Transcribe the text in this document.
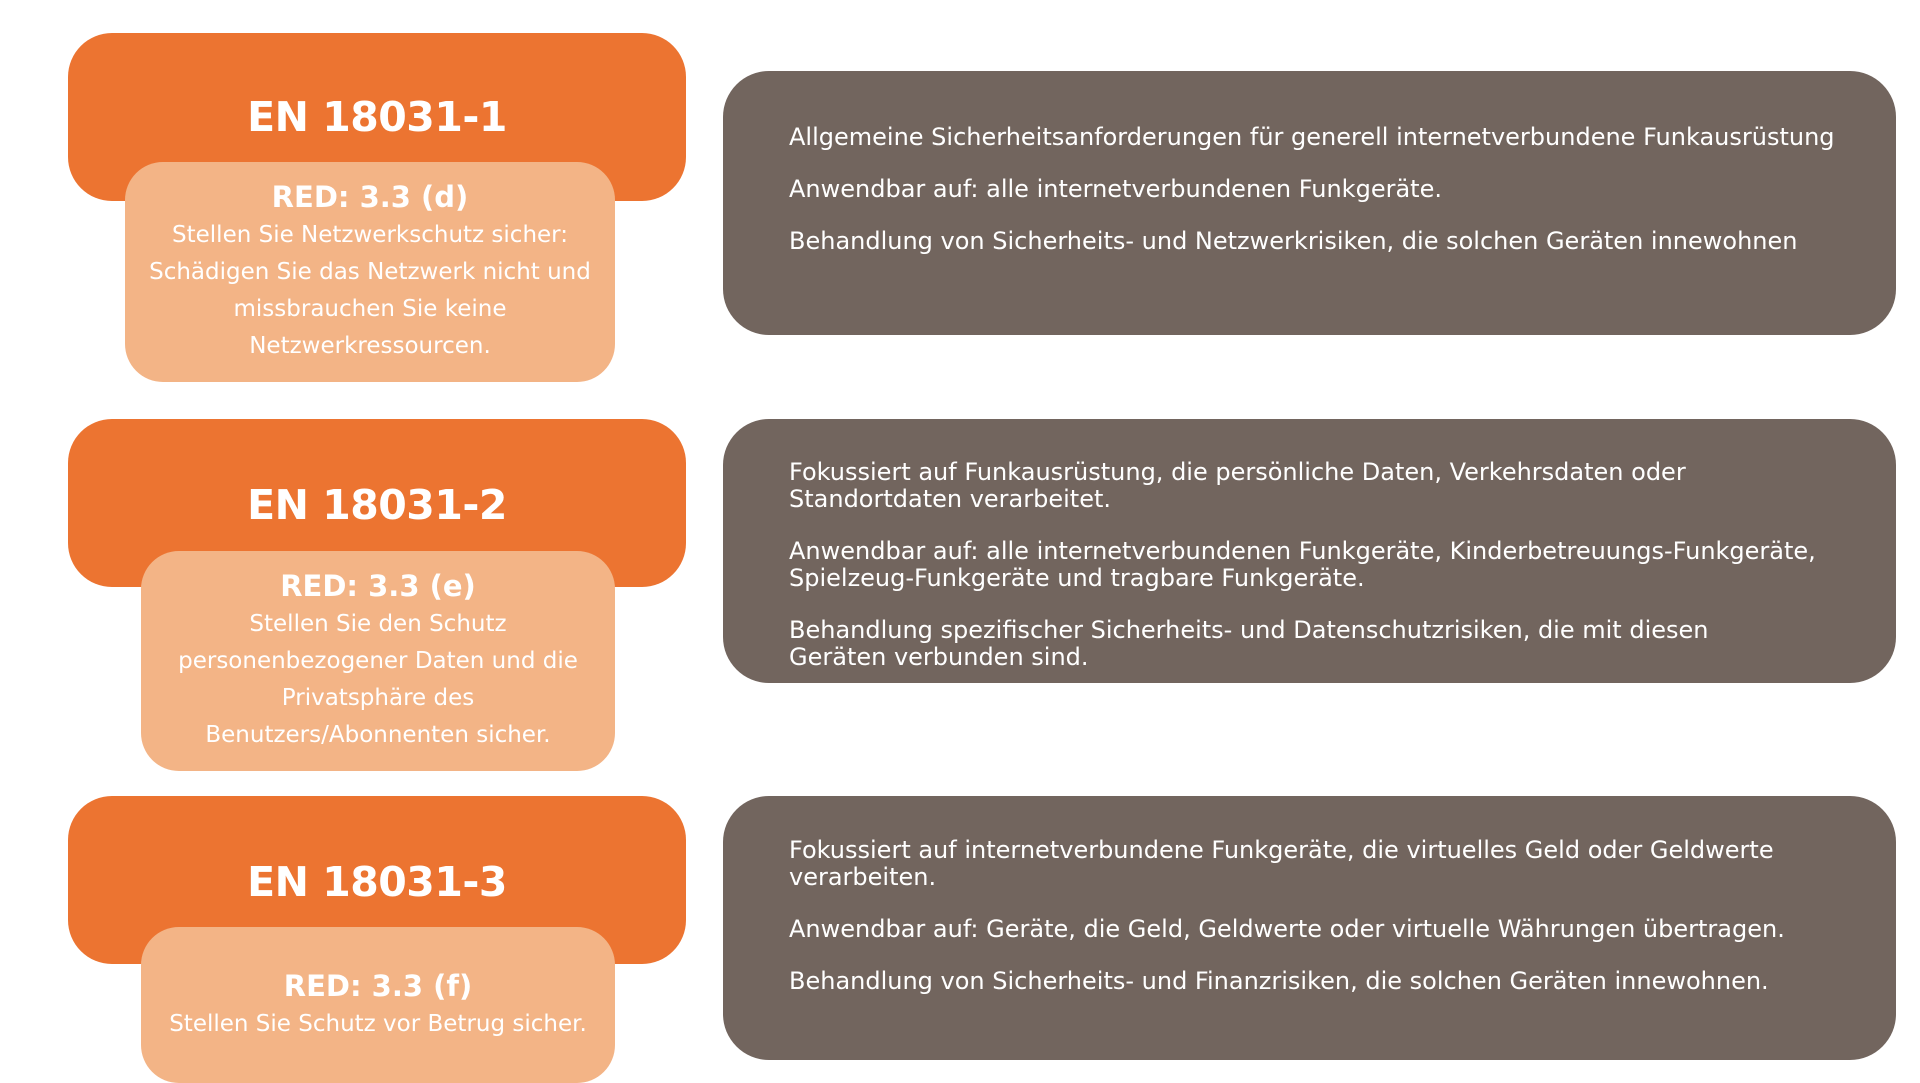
EN 18031-1
RED: 3.3 (d)
Stellen Sie Netzwerkschutz sicher: Schädigen Sie das Netzwerk nicht und missbrauchen Sie keine Netzwerkressourcen.
Allgemeine Sicherheitsanforderungen für generell internetverbundene Funkausrüstung
Anwendbar auf: alle internetverbundenen Funkgeräte.
Behandlung von Sicherheits- und Netzwerkrisiken, die solchen Geräten innewohnen
EN 18031-2
RED: 3.3 (e)
Stellen Sie den Schutz personenbezogener Daten und die Privatsphäre des Benutzers/Abonnenten sicher.
Fokussiert auf Funkausrüstung, die persönliche Daten, Verkehrsdaten oder Standortdaten verarbeitet.
Anwendbar auf: alle internetverbundenen Funkgeräte, Kinderbetreuungs-Funkgeräte, Spielzeug-Funkgeräte und tragbare Funkgeräte.
Behandlung spezifischer Sicherheits- und Datenschutzrisiken, die mit diesen Geräten verbunden sind.
EN 18031-3
RED: 3.3 (f)
Stellen Sie Schutz vor Betrug sicher.
Fokussiert auf internetverbundene Funkgeräte, die virtuelles Geld oder Geldwerte verarbeiten.
Anwendbar auf: Geräte, die Geld, Geldwerte oder virtuelle Währungen übertragen.
Behandlung von Sicherheits- und Finanzrisiken, die solchen Geräten innewohnen.
